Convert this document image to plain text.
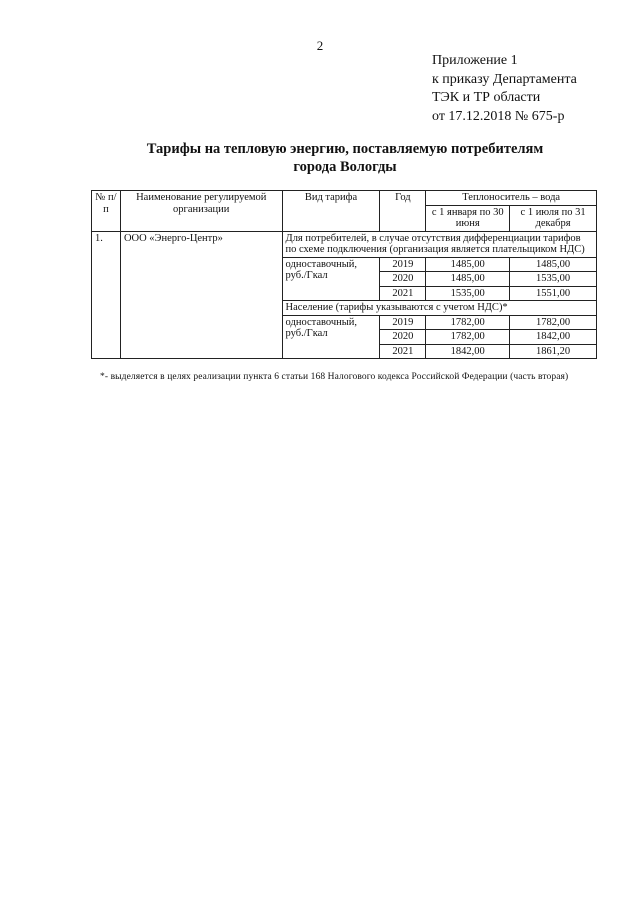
2
Приложение 1
к приказу Департамента
ТЭК и ТР области
от 17.12.2018 № 675-р
Тарифы на тепловую энергию, поставляемую потребителям
города Вологды
№ п/п	Наименование регулируемой организации	Вид тарифа	Год	Теплоноситель – вода	
				с 1 января по 30 июня	с 1 июля по 31 декабря
1.	ООО «Энерго-Центр»	Для потребителей, в случае отсутствия дифференциации тарифов по схеме подключения (организация является плательщиком НДС)			
		одноставочный, руб./Гкал	2019	1485,00	1485,00
			2020	1485,00	1535,00
			2021	1535,00	1551,00
		Население (тарифы указываются с учетом НДС)*			
		одноставочный, руб./Гкал	2019	1782,00	1782,00
			2020	1782,00	1842,00
			2021	1842,00	1861,20
*- выделяется в целях реализации пункта 6 статьи 168 Налогового кодекса Российской Федерации (часть вторая)
